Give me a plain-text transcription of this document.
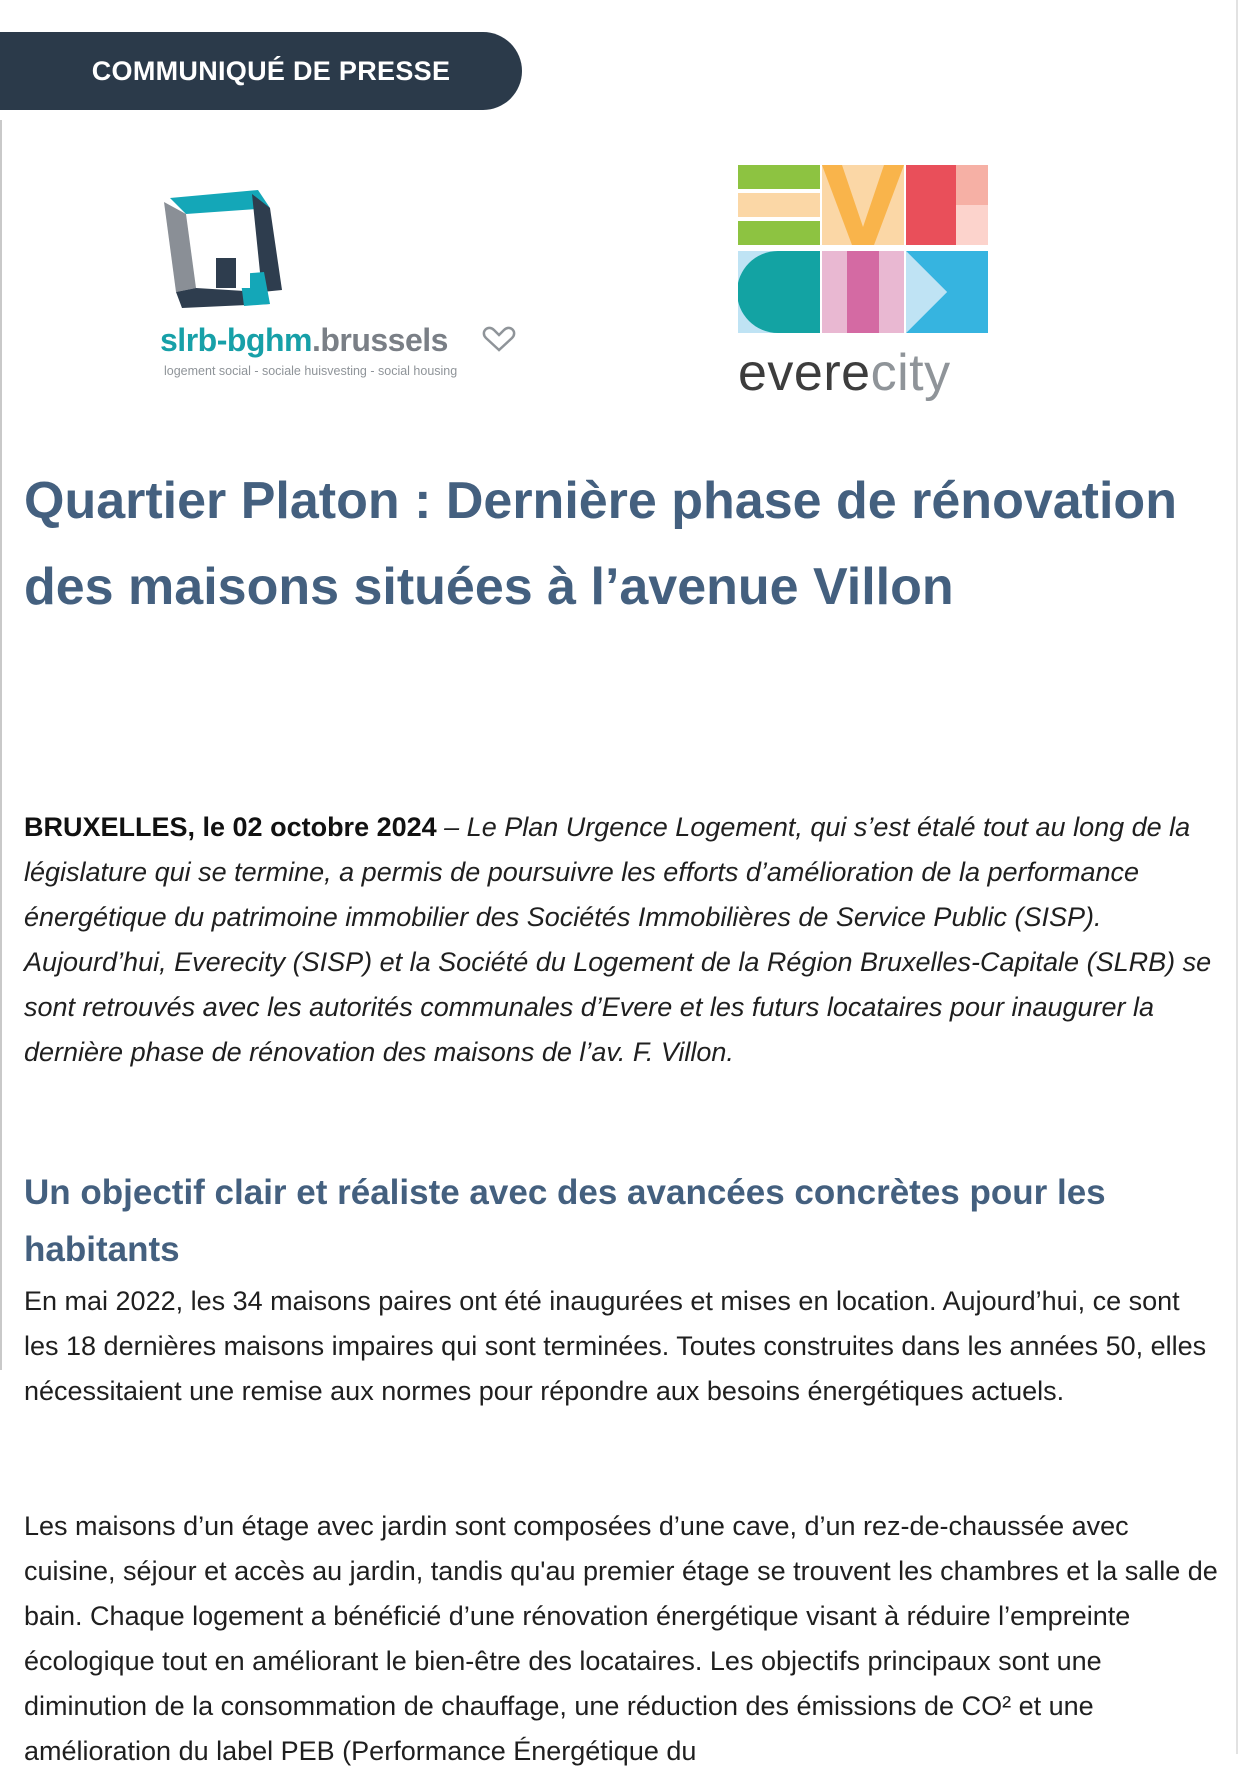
COMMUNIQUÉ DE PRESSE
slrb-bghm.brussels
logement social - sociale huisvesting - social housing	everecity
Quartier Platon : Dernière phase de rénovation des maisons situées à l’avenue Villon

BRUXELLES, le 02 octobre 2024 – Le Plan Urgence Logement, qui s’est étalé tout au long de la législature qui se termine, a permis de poursuivre les efforts d’amélioration de la performance énergétique du patrimoine immobilier des Sociétés Immobilières de Service Public (SISP). Aujourd’hui, Everecity (SISP) et la Société du Logement de la Région Bruxelles-Capitale (SLRB) se sont retrouvés avec les autorités communales d’Evere et les futurs locataires pour inaugurer la dernière phase de rénovation des maisons de l’av. F. Villon.

Un objectif clair et réaliste avec des avancées concrètes pour les habitants

En mai 2022, les 34 maisons paires ont été inaugurées et mises en location. Aujourd’hui, ce sont les 18 dernières maisons impaires qui sont terminées. Toutes construites dans les années 50, elles nécessitaient une remise aux normes pour répondre aux besoins énergétiques actuels.

Les maisons d’un étage avec jardin sont composées d’une cave, d’un rez-de-chaussée avec cuisine, séjour et accès au jardin, tandis qu'au premier étage se trouvent les chambres et la salle de bain. Chaque logement a bénéficié d’une rénovation énergétique visant à réduire l’empreinte écologique tout en améliorant le bien-être des locataires. Les objectifs principaux sont une diminution de la consommation de chauffage, une réduction des émissions de CO² et une amélioration du label PEB (Performance Énergétique du
